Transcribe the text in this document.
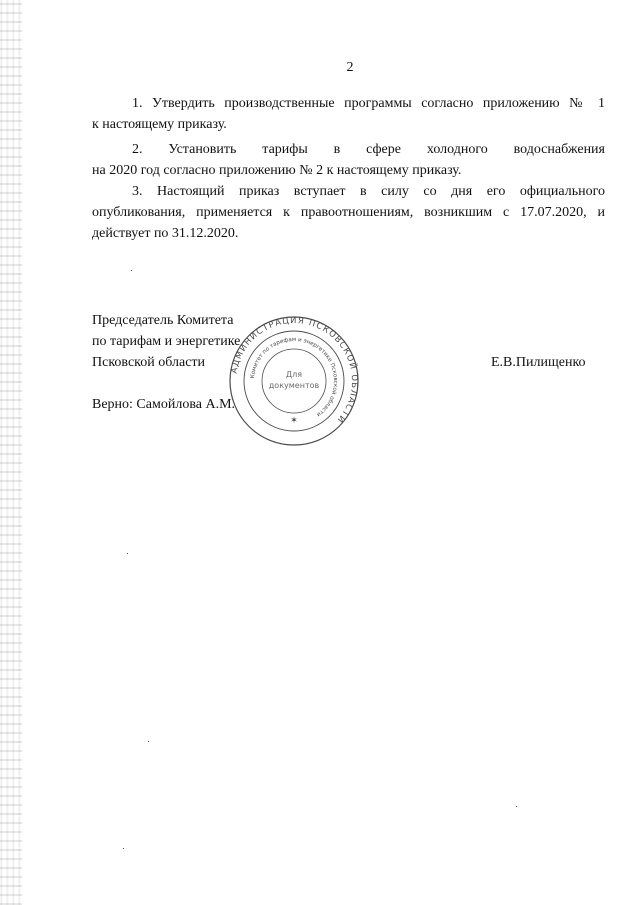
2
1. Утвердить производственные программы согласно приложению № 1
к настоящему приказу.
2. Установить тарифы в сфере холодного водоснабжения
на 2020 год согласно приложению № 2 к настоящему приказу.
3. Настоящий приказ вступает в силу со дня его официального
опубликования, применяется к правоотношениям, возникшим с 17.07.2020, и
действует по 31.12.2020.
Председатель Комитета
по тарифам и энергетике
Псковской области	Е.В.Пилищенко
Верно: Самойлова А.М.
АДМИНИСТРАЦИЯ ПСКОВСКОЙ ОБЛАСТИ
Комитет по тарифам и энергетике Псковской области
Для
документов
✶
